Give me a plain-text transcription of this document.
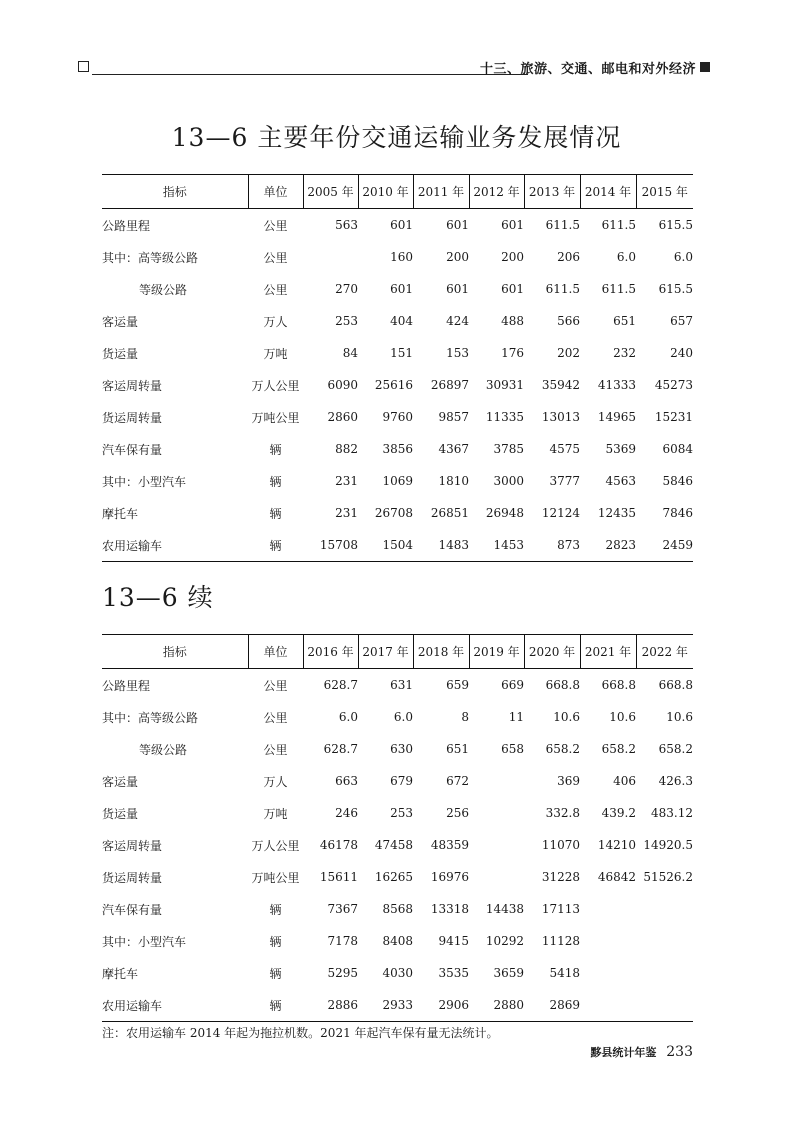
十三、旅游、交通、邮电和对外经济
13—6 主要年份交通运输业务发展情况
指标	单位	2005 年	2010 年	2011 年	2012 年	2013 年	2014 年	2015 年
公路里程	公里	563	601	601	601	611.5	611.5	615.5
其中：高等级公路	公里		160	200	200	206	6.0	6.0
等级公路	公里	270	601	601	601	611.5	611.5	615.5
客运量	万人	253	404	424	488	566	651	657
货运量	万吨	84	151	153	176	202	232	240
客运周转量	万人公里	6090	25616	26897	30931	35942	41333	45273
货运周转量	万吨公里	2860	9760	9857	11335	13013	14965	15231
汽车保有量	辆	882	3856	4367	3785	4575	5369	6084
其中：小型汽车	辆	231	1069	1810	3000	3777	4563	5846
摩托车	辆	231	26708	26851	26948	12124	12435	7846
农用运输车	辆	15708	1504	1483	1453	873	2823	2459
13—6 续
指标	单位	2016 年	2017 年	2018 年	2019 年	2020 年	2021 年	2022 年
公路里程	公里	628.7	631	659	669	668.8	668.8	668.8
其中：高等级公路	公里	6.0	6.0	8	11	10.6	10.6	10.6
等级公路	公里	628.7	630	651	658	658.2	658.2	658.2
客运量	万人	663	679	672		369	406	426.3
货运量	万吨	246	253	256		332.8	439.2	483.12
客运周转量	万人公里	46178	47458	48359		11070	14210	14920.5
货运周转量	万吨公里	15611	16265	16976		31228	46842	51526.2
汽车保有量	辆	7367	8568	13318	14438	17113		
其中：小型汽车	辆	7178	8408	9415	10292	11128		
摩托车	辆	5295	4030	3535	3659	5418		
农用运输车	辆	2886	2933	2906	2880	2869		
注：农用运输车 2014 年起为拖拉机数。2021 年起汽车保有量无法统计。
黟县统计年鉴 233
